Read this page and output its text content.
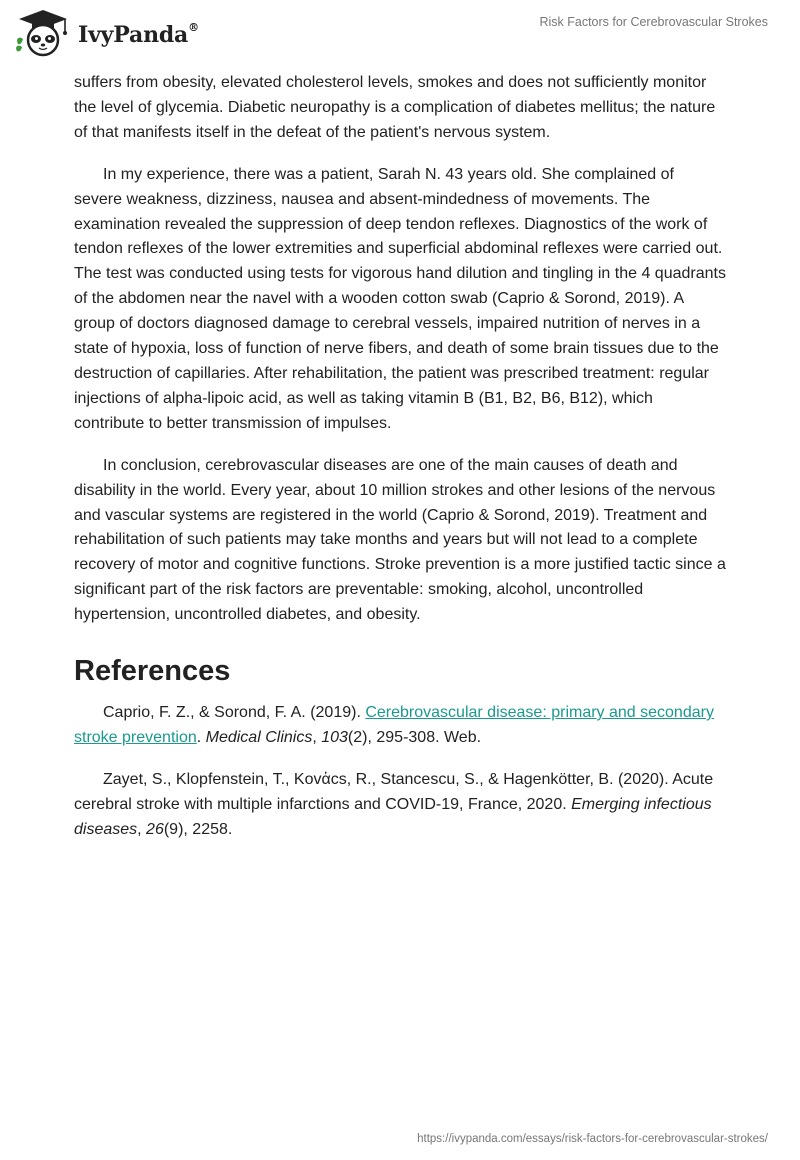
IvyPanda®	Risk Factors for Cerebrovascular Strokes

suffers from obesity, elevated cholesterol levels, smokes and does not sufficiently monitor the level of glycemia. Diabetic neuropathy is a complication of diabetes mellitus; the nature of that manifests itself in the defeat of the patient's nervous system.

In my experience, there was a patient, Sarah N. 43 years old. She complained of severe weakness, dizziness, nausea and absent-mindedness of movements. The examination revealed the suppression of deep tendon reflexes. Diagnostics of the work of tendon reflexes of the lower extremities and superficial abdominal reflexes were carried out. The test was conducted using tests for vigorous hand dilution and tingling in the 4 quadrants of the abdomen near the navel with a wooden cotton swab (Caprio & Sorond, 2019). A group of doctors diagnosed damage to cerebral vessels, impaired nutrition of nerves in a state of hypoxia, loss of function of nerve fibers, and death of some brain tissues due to the destruction of capillaries. After rehabilitation, the patient was prescribed treatment: regular injections of alpha-lipoic acid, as well as taking vitamin B (B1, B2, B6, B12), which contribute to better transmission of impulses.

In conclusion, cerebrovascular diseases are one of the main causes of death and disability in the world. Every year, about 10 million strokes and other lesions of the nervous and vascular systems are registered in the world (Caprio & Sorond, 2019). Treatment and rehabilitation of such patients may take months and years but will not lead to a complete recovery of motor and cognitive functions. Stroke prevention is a more justified tactic since a significant part of the risk factors are preventable: smoking, alcohol, uncontrolled hypertension, uncontrolled diabetes, and obesity.

References

Caprio, F. Z., & Sorond, F. A. (2019). Cerebrovascular disease: primary and secondary stroke prevention. Medical Clinics, 103(2), 295-308. Web.

Zayet, S., Klopfenstein, T., Kovἁcs, R., Stancescu, S., & Hagenkötter, B. (2020). Acute cerebral stroke with multiple infarctions and COVID-19, France, 2020. Emerging infectious diseases, 26(9), 2258.

https://ivypanda.com/essays/risk-factors-for-cerebrovascular-strokes/
